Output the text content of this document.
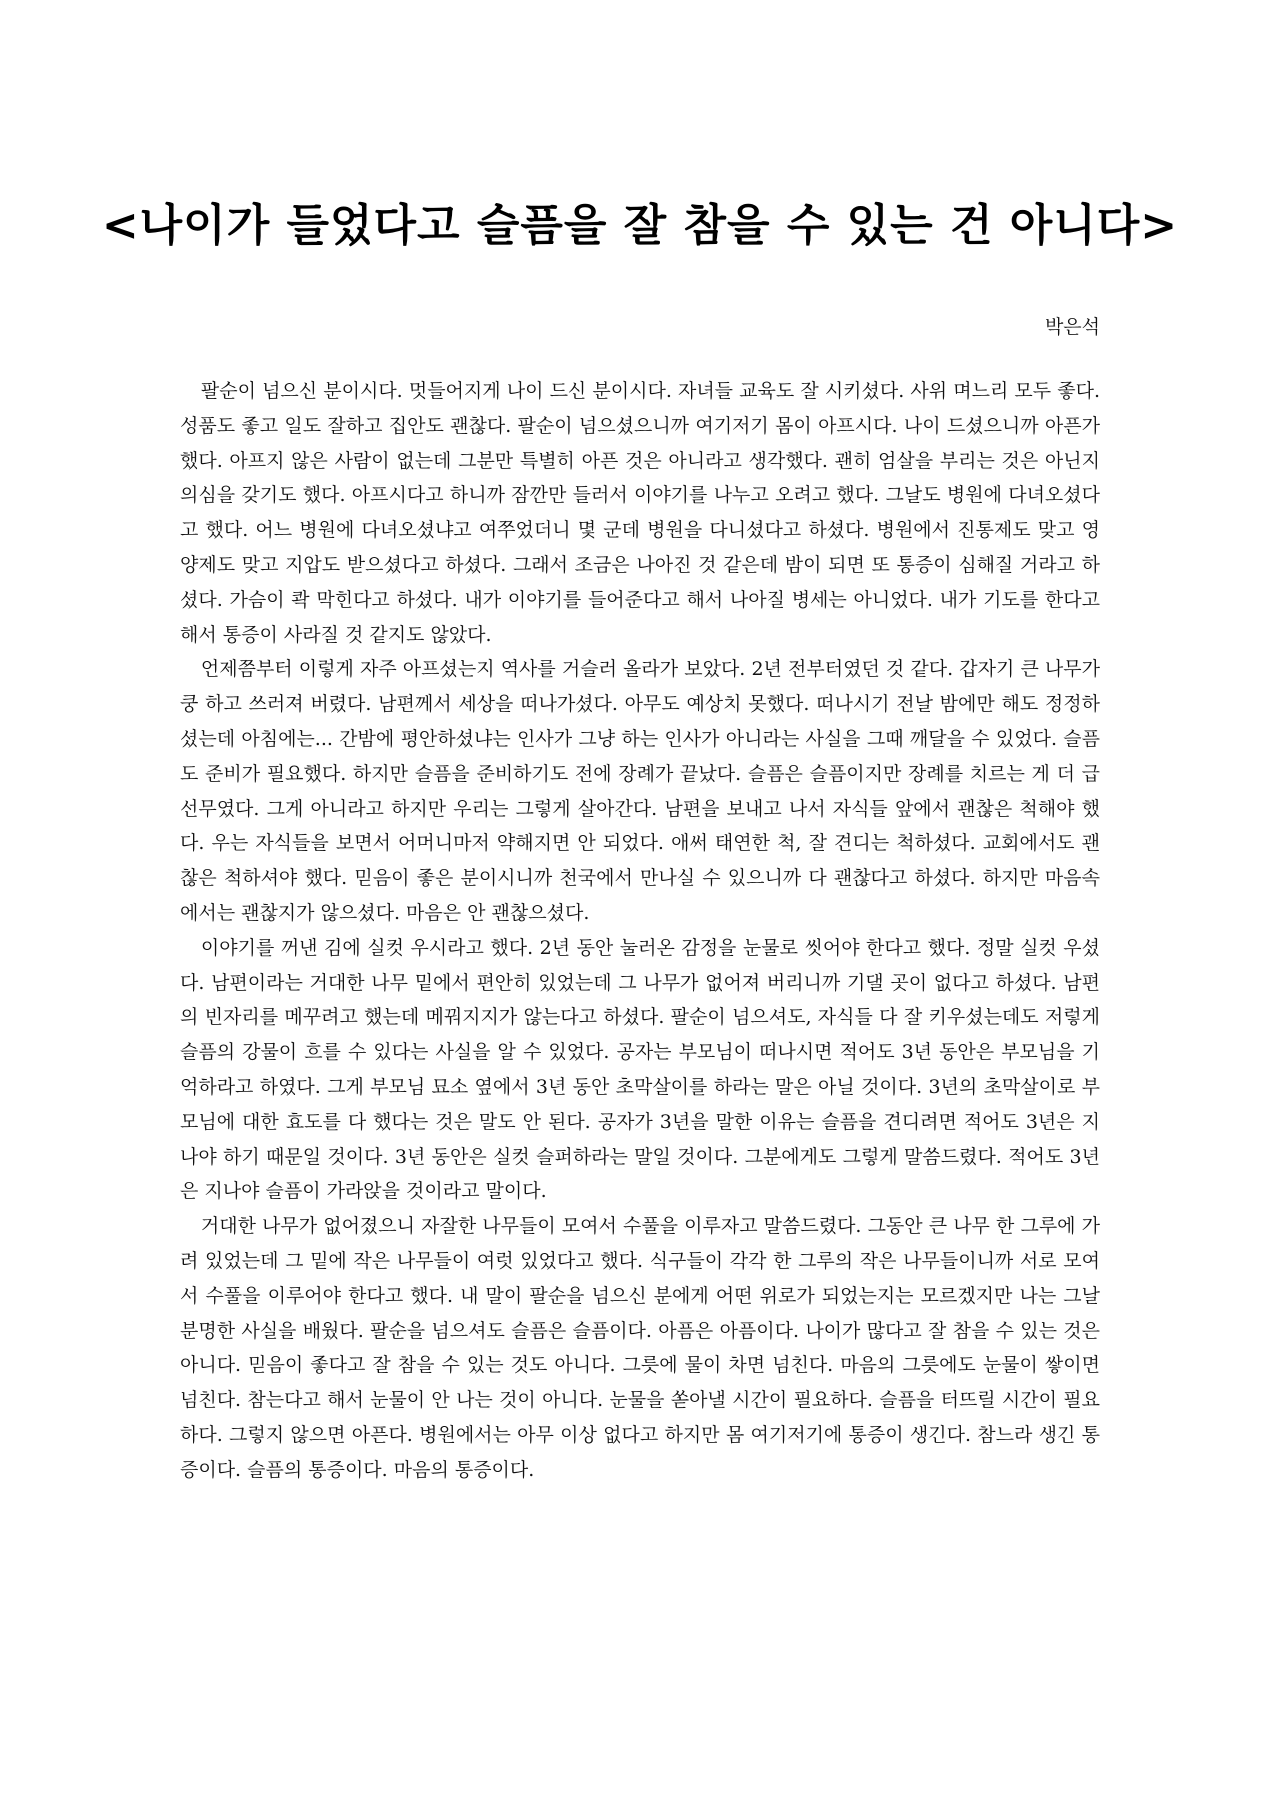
<나이가 들었다고 슬픔을 잘 참을 수 있는 건 아니다>

박은석

팔순이 넘으신 분이시다. 멋들어지게 나이 드신 분이시다. 자녀들 교육도 잘 시키셨다. 사위 며느리 모두 좋다. 성품도 좋고 일도 잘하고 집안도 괜찮다. 팔순이 넘으셨으니까 여기저기 몸이 아프시다. 나이 드셨으니까 아픈가 했다. 아프지 않은 사람이 없는데 그분만 특별히 아픈 것은 아니라고 생각했다. 괜히 엄살을 부리는 것은 아닌지 의심을 갖기도 했다. 아프시다고 하니까 잠깐만 들러서 이야기를 나누고 오려고 했다. 그날도 병원에 다녀오셨다고 했다. 어느 병원에 다녀오셨냐고 여쭈었더니 몇 군데 병원을 다니셨다고 하셨다. 병원에서 진통제도 맞고 영양제도 맞고 지압도 받으셨다고 하셨다. 그래서 조금은 나아진 것 같은데 밤이 되면 또 통증이 심해질 거라고 하셨다. 가슴이 콱 막힌다고 하셨다. 내가 이야기를 들어준다고 해서 나아질 병세는 아니었다. 내가 기도를 한다고 해서 통증이 사라질 것 같지도 않았다.

언제쯤부터 이렇게 자주 아프셨는지 역사를 거슬러 올라가 보았다. 2년 전부터였던 것 같다. 갑자기 큰 나무가 쿵 하고 쓰러져 버렸다. 남편께서 세상을 떠나가셨다. 아무도 예상치 못했다. 떠나시기 전날 밤에만 해도 정정하셨는데 아침에는... 간밤에 평안하셨냐는 인사가 그냥 하는 인사가 아니라는 사실을 그때 깨달을 수 있었다. 슬픔도 준비가 필요했다. 하지만 슬픔을 준비하기도 전에 장례가 끝났다. 슬픔은 슬픔이지만 장례를 치르는 게 더 급선무였다. 그게 아니라고 하지만 우리는 그렇게 살아간다. 남편을 보내고 나서 자식들 앞에서 괜찮은 척해야 했다. 우는 자식들을 보면서 어머니마저 약해지면 안 되었다. 애써 태연한 척, 잘 견디는 척하셨다. 교회에서도 괜찮은 척하셔야 했다. 믿음이 좋은 분이시니까 천국에서 만나실 수 있으니까 다 괜찮다고 하셨다. 하지만 마음속에서는 괜찮지가 않으셨다. 마음은 안 괜찮으셨다.

이야기를 꺼낸 김에 실컷 우시라고 했다. 2년 동안 눌러온 감정을 눈물로 씻어야 한다고 했다. 정말 실컷 우셨다. 남편이라는 거대한 나무 밑에서 편안히 있었는데 그 나무가 없어져 버리니까 기댈 곳이 없다고 하셨다. 남편의 빈자리를 메꾸려고 했는데 메꿔지지가 않는다고 하셨다. 팔순이 넘으셔도, 자식들 다 잘 키우셨는데도 저렇게 슬픔의 강물이 흐를 수 있다는 사실을 알 수 있었다. 공자는 부모님이 떠나시면 적어도 3년 동안은 부모님을 기억하라고 하였다. 그게 부모님 묘소 옆에서 3년 동안 초막살이를 하라는 말은 아닐 것이다. 3년의 초막살이로 부모님에 대한 효도를 다 했다는 것은 말도 안 된다. 공자가 3년을 말한 이유는 슬픔을 견디려면 적어도 3년은 지나야 하기 때문일 것이다. 3년 동안은 실컷 슬퍼하라는 말일 것이다. 그분에게도 그렇게 말씀드렸다. 적어도 3년은 지나야 슬픔이 가라앉을 것이라고 말이다.

거대한 나무가 없어졌으니 자잘한 나무들이 모여서 수풀을 이루자고 말씀드렸다. 그동안 큰 나무 한 그루에 가려 있었는데 그 밑에 작은 나무들이 여럿 있었다고 했다. 식구들이 각각 한 그루의 작은 나무들이니까 서로 모여서 수풀을 이루어야 한다고 했다. 내 말이 팔순을 넘으신 분에게 어떤 위로가 되었는지는 모르겠지만 나는 그날 분명한 사실을 배웠다. 팔순을 넘으셔도 슬픔은 슬픔이다. 아픔은 아픔이다. 나이가 많다고 잘 참을 수 있는 것은 아니다. 믿음이 좋다고 잘 참을 수 있는 것도 아니다. 그릇에 물이 차면 넘친다. 마음의 그릇에도 눈물이 쌓이면 넘친다. 참는다고 해서 눈물이 안 나는 것이 아니다. 눈물을 쏟아낼 시간이 필요하다. 슬픔을 터뜨릴 시간이 필요하다. 그렇지 않으면 아픈다. 병원에서는 아무 이상 없다고 하지만 몸 여기저기에 통증이 생긴다. 참느라 생긴 통증이다. 슬픔의 통증이다. 마음의 통증이다.
